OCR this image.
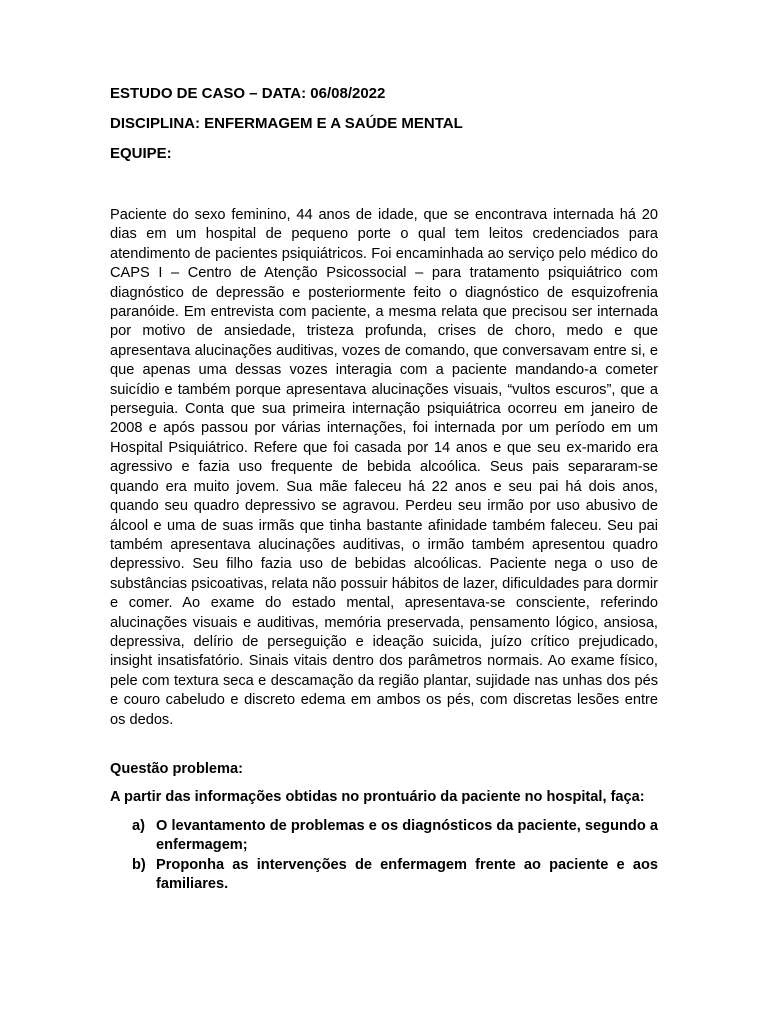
ESTUDO DE CASO – DATA: 06/08/2022
DISCIPLINA: ENFERMAGEM E A SAÚDE MENTAL
EQUIPE:

Paciente do sexo feminino, 44 anos de idade, que se encontrava internada há 20 dias em um hospital de pequeno porte o qual tem leitos credenciados para atendimento de pacientes psiquiátricos. Foi encaminhada ao serviço pelo médico do CAPS I – Centro de Atenção Psicossocial – para tratamento psiquiátrico com diagnóstico de depressão e posteriormente feito o diagnóstico de esquizofrenia paranóide. Em entrevista com paciente, a mesma relata que precisou ser internada por motivo de ansiedade, tristeza profunda, crises de choro, medo e que apresentava alucinações auditivas, vozes de comando, que conversavam entre si, e que apenas uma dessas vozes interagia com a paciente mandando-a cometer suicídio e também porque apresentava alucinações visuais, “vultos escuros”, que a perseguia. Conta que sua primeira internação psiquiátrica ocorreu em janeiro de 2008 e após passou por várias internações, foi internada por um período em um Hospital Psiquiátrico. Refere que foi casada por 14 anos e que seu ex-marido era agressivo e fazia uso frequente de bebida alcoólica. Seus pais separaram-se quando era muito jovem. Sua mãe faleceu há 22 anos e seu pai há dois anos, quando seu quadro depressivo se agravou. Perdeu seu irmão por uso abusivo de álcool e uma de suas irmãs que tinha bastante afinidade também faleceu. Seu pai também apresentava alucinações auditivas, o irmão também apresentou quadro depressivo. Seu filho fazia uso de bebidas alcoólicas. Paciente nega o uso de substâncias psicoativas, relata não possuir hábitos de lazer, dificuldades para dormir e comer. Ao exame do estado mental, apresentava-se consciente, referindo alucinações visuais e auditivas, memória preservada, pensamento lógico, ansiosa, depressiva, delírio de perseguição e ideação suicida, juízo crítico prejudicado, insight insatisfatório. Sinais vitais dentro dos parâmetros normais. Ao exame físico, pele com textura seca e descamação da região plantar, sujidade nas unhas dos pés e couro cabeludo e discreto edema em ambos os pés, com discretas lesões entre os dedos.

Questão problema:
A partir das informações obtidas no prontuário da paciente no hospital, faça:
a) O levantamento de problemas e os diagnósticos da paciente, segundo a enfermagem;
b) Proponha as intervenções de enfermagem frente ao paciente e aos familiares.
